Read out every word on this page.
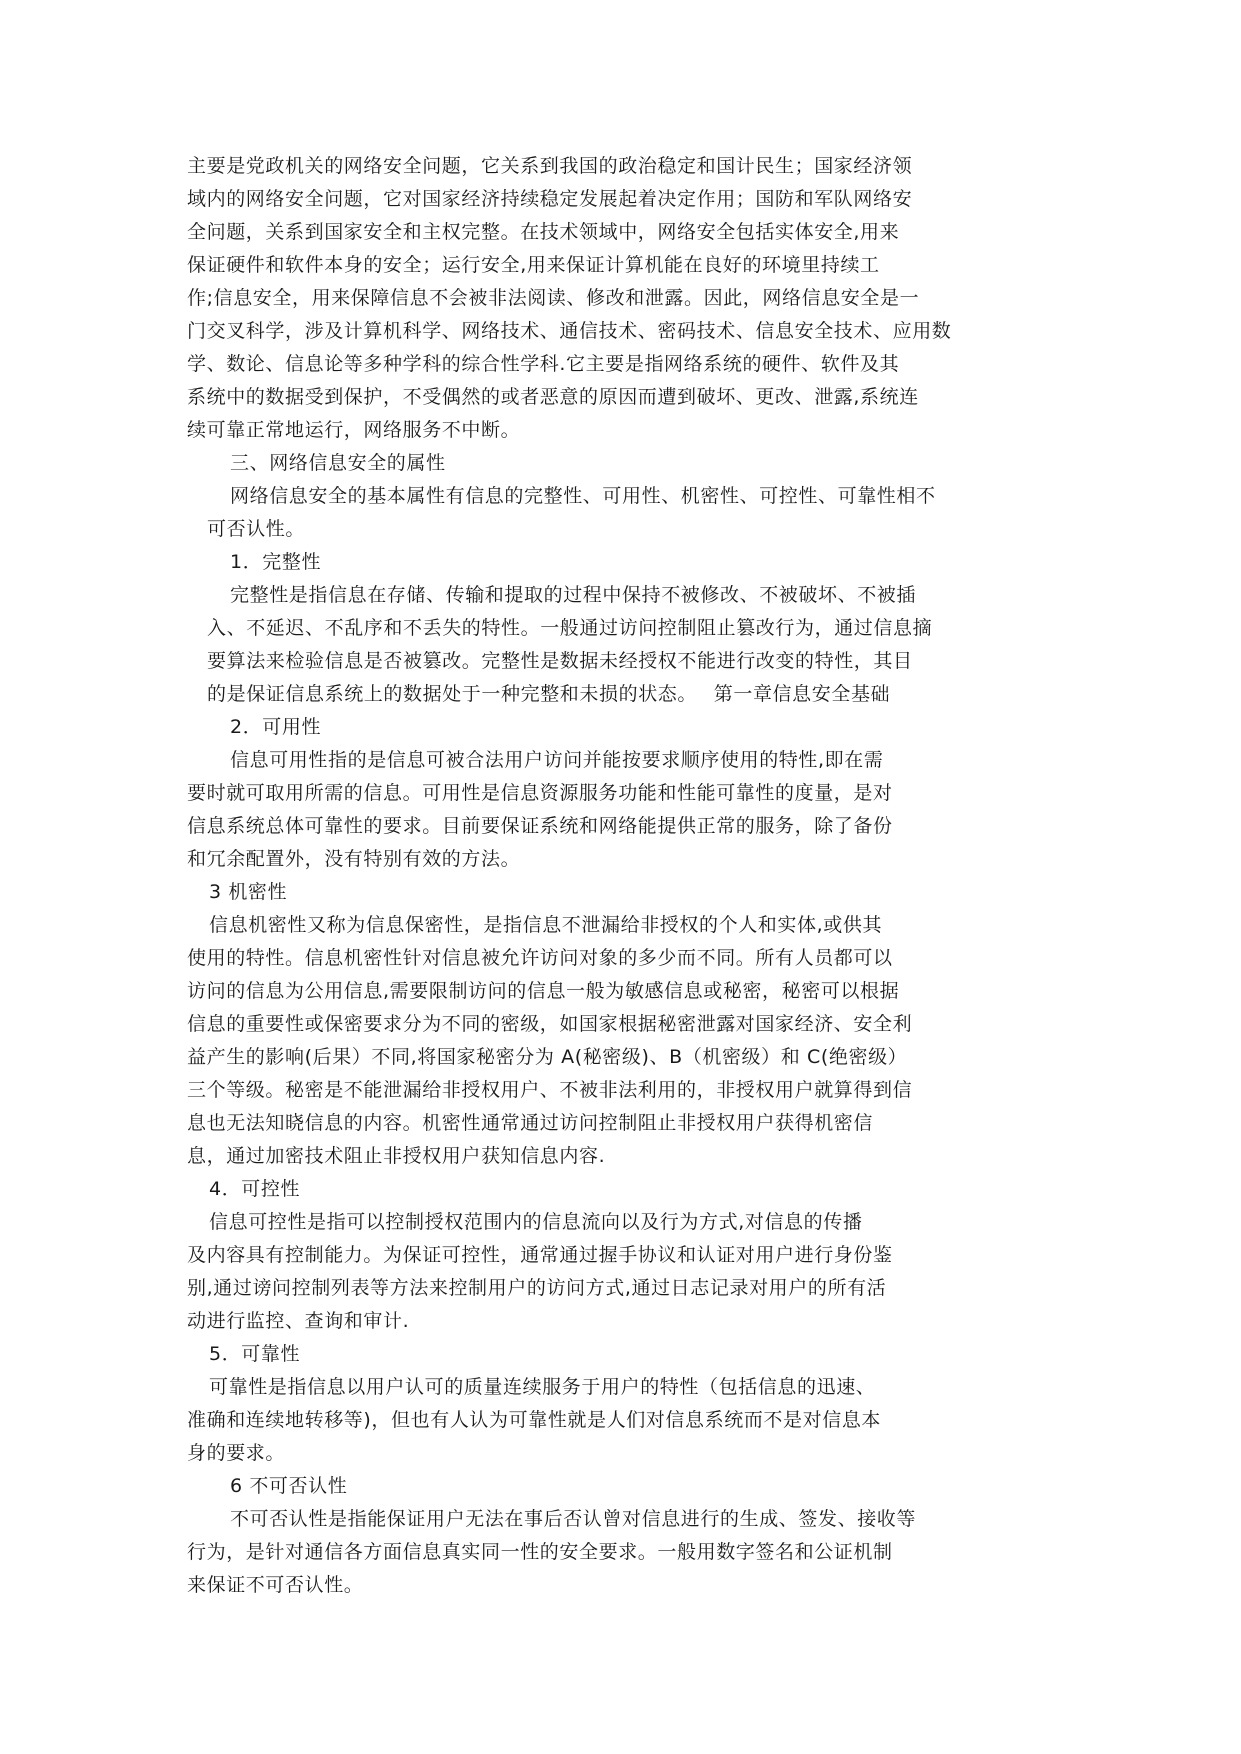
主要是党政机关的网络安全问题，它关系到我国的政治稳定和国计民生；国家经济领
域内的网络安全问题，它对国家经济持续稳定发展起着决定作用；国防和军队网络安
全问题，关系到国家安全和主权完整。在技术领域中，网络安全包括实体安全,用来
保证硬件和软件本身的安全；运行安全,用来保证计算机能在良好的环境里持续工
作;信息安全，用来保障信息不会被非法阅读、修改和泄露。因此，网络信息安全是一
门交叉科学，涉及计算机科学、网络技术、通信技术、密码技术、信息安全技术、应用数
学、数论、信息论等多种学科的综合性学科.它主要是指网络系统的硬件、软件及其
系统中的数据受到保护，不受偶然的或者恶意的原因而遭到破坏、更改、泄露,系统连
续可靠正常地运行，网络服务不中断。
三、网络信息安全的属性
网络信息安全的基本属性有信息的完整性、可用性、机密性、可控性、可靠性相不
可否认性。
1．完整性
完整性是指信息在存储、传输和提取的过程中保持不被修改、不被破坏、不被插
入、不延迟、不乱序和不丢失的特性。一般通过访问控制阻止篡改行为，通过信息摘
要算法来检验信息是否被篡改。完整性是数据未经授权不能进行改变的特性，其目
的是保证信息系统上的数据处于一种完整和未损的状态。　 第一章信息安全基础
2．可用性
信息可用性指的是信息可被合法用户访问并能按要求顺序使用的特性,即在需
要时就可取用所需的信息。可用性是信息资源服务功能和性能可靠性的度量，是对
信息系统总体可靠性的要求。目前要保证系统和网络能提供正常的服务，除了备份
和冗余配置外，没有特别有效的方法。
3 机密性
信息机密性又称为信息保密性，是指信息不泄漏给非授权的个人和实体,或供其
使用的特性。信息机密性针对信息被允许访问对象的多少而不同。所有人员都可以
访问的信息为公用信息,需要限制访问的信息一般为敏感信息或秘密，秘密可以根据
信息的重要性或保密要求分为不同的密级，如国家根据秘密泄露对国家经济、安全利
益产生的影响(后果）不同,将国家秘密分为 A(秘密级)、B（机密级）和 C(绝密级）
三个等级。秘密是不能泄漏给非授权用户、不被非法利用的，非授权用户就算得到信
息也无法知晓信息的内容。机密性通常通过访问控制阻止非授权用户获得机密信
息，通过加密技术阻止非授权用户获知信息内容.
4．可控性
信息可控性是指可以控制授权范围内的信息流向以及行为方式,对信息的传播
及内容具有控制能力。为保证可控性，通常通过握手协议和认证对用户进行身份鉴
别,通过谤问控制列表等方法来控制用户的访问方式,通过日志记录对用户的所有活
动进行监控、查询和审计.
5．可靠性
可靠性是指信息以用户认可的质量连续服务于用户的特性（包括信息的迅速、
准确和连续地转移等)，但也有人认为可靠性就是人们对信息系统而不是对信息本
身的要求。
6 不可否认性
不可否认性是指能保证用户无法在事后否认曾对信息进行的生成、签发、接收等
行为，是针对通信各方面信息真实同一性的安全要求。一般用数字签名和公证机制
来保证不可否认性。
